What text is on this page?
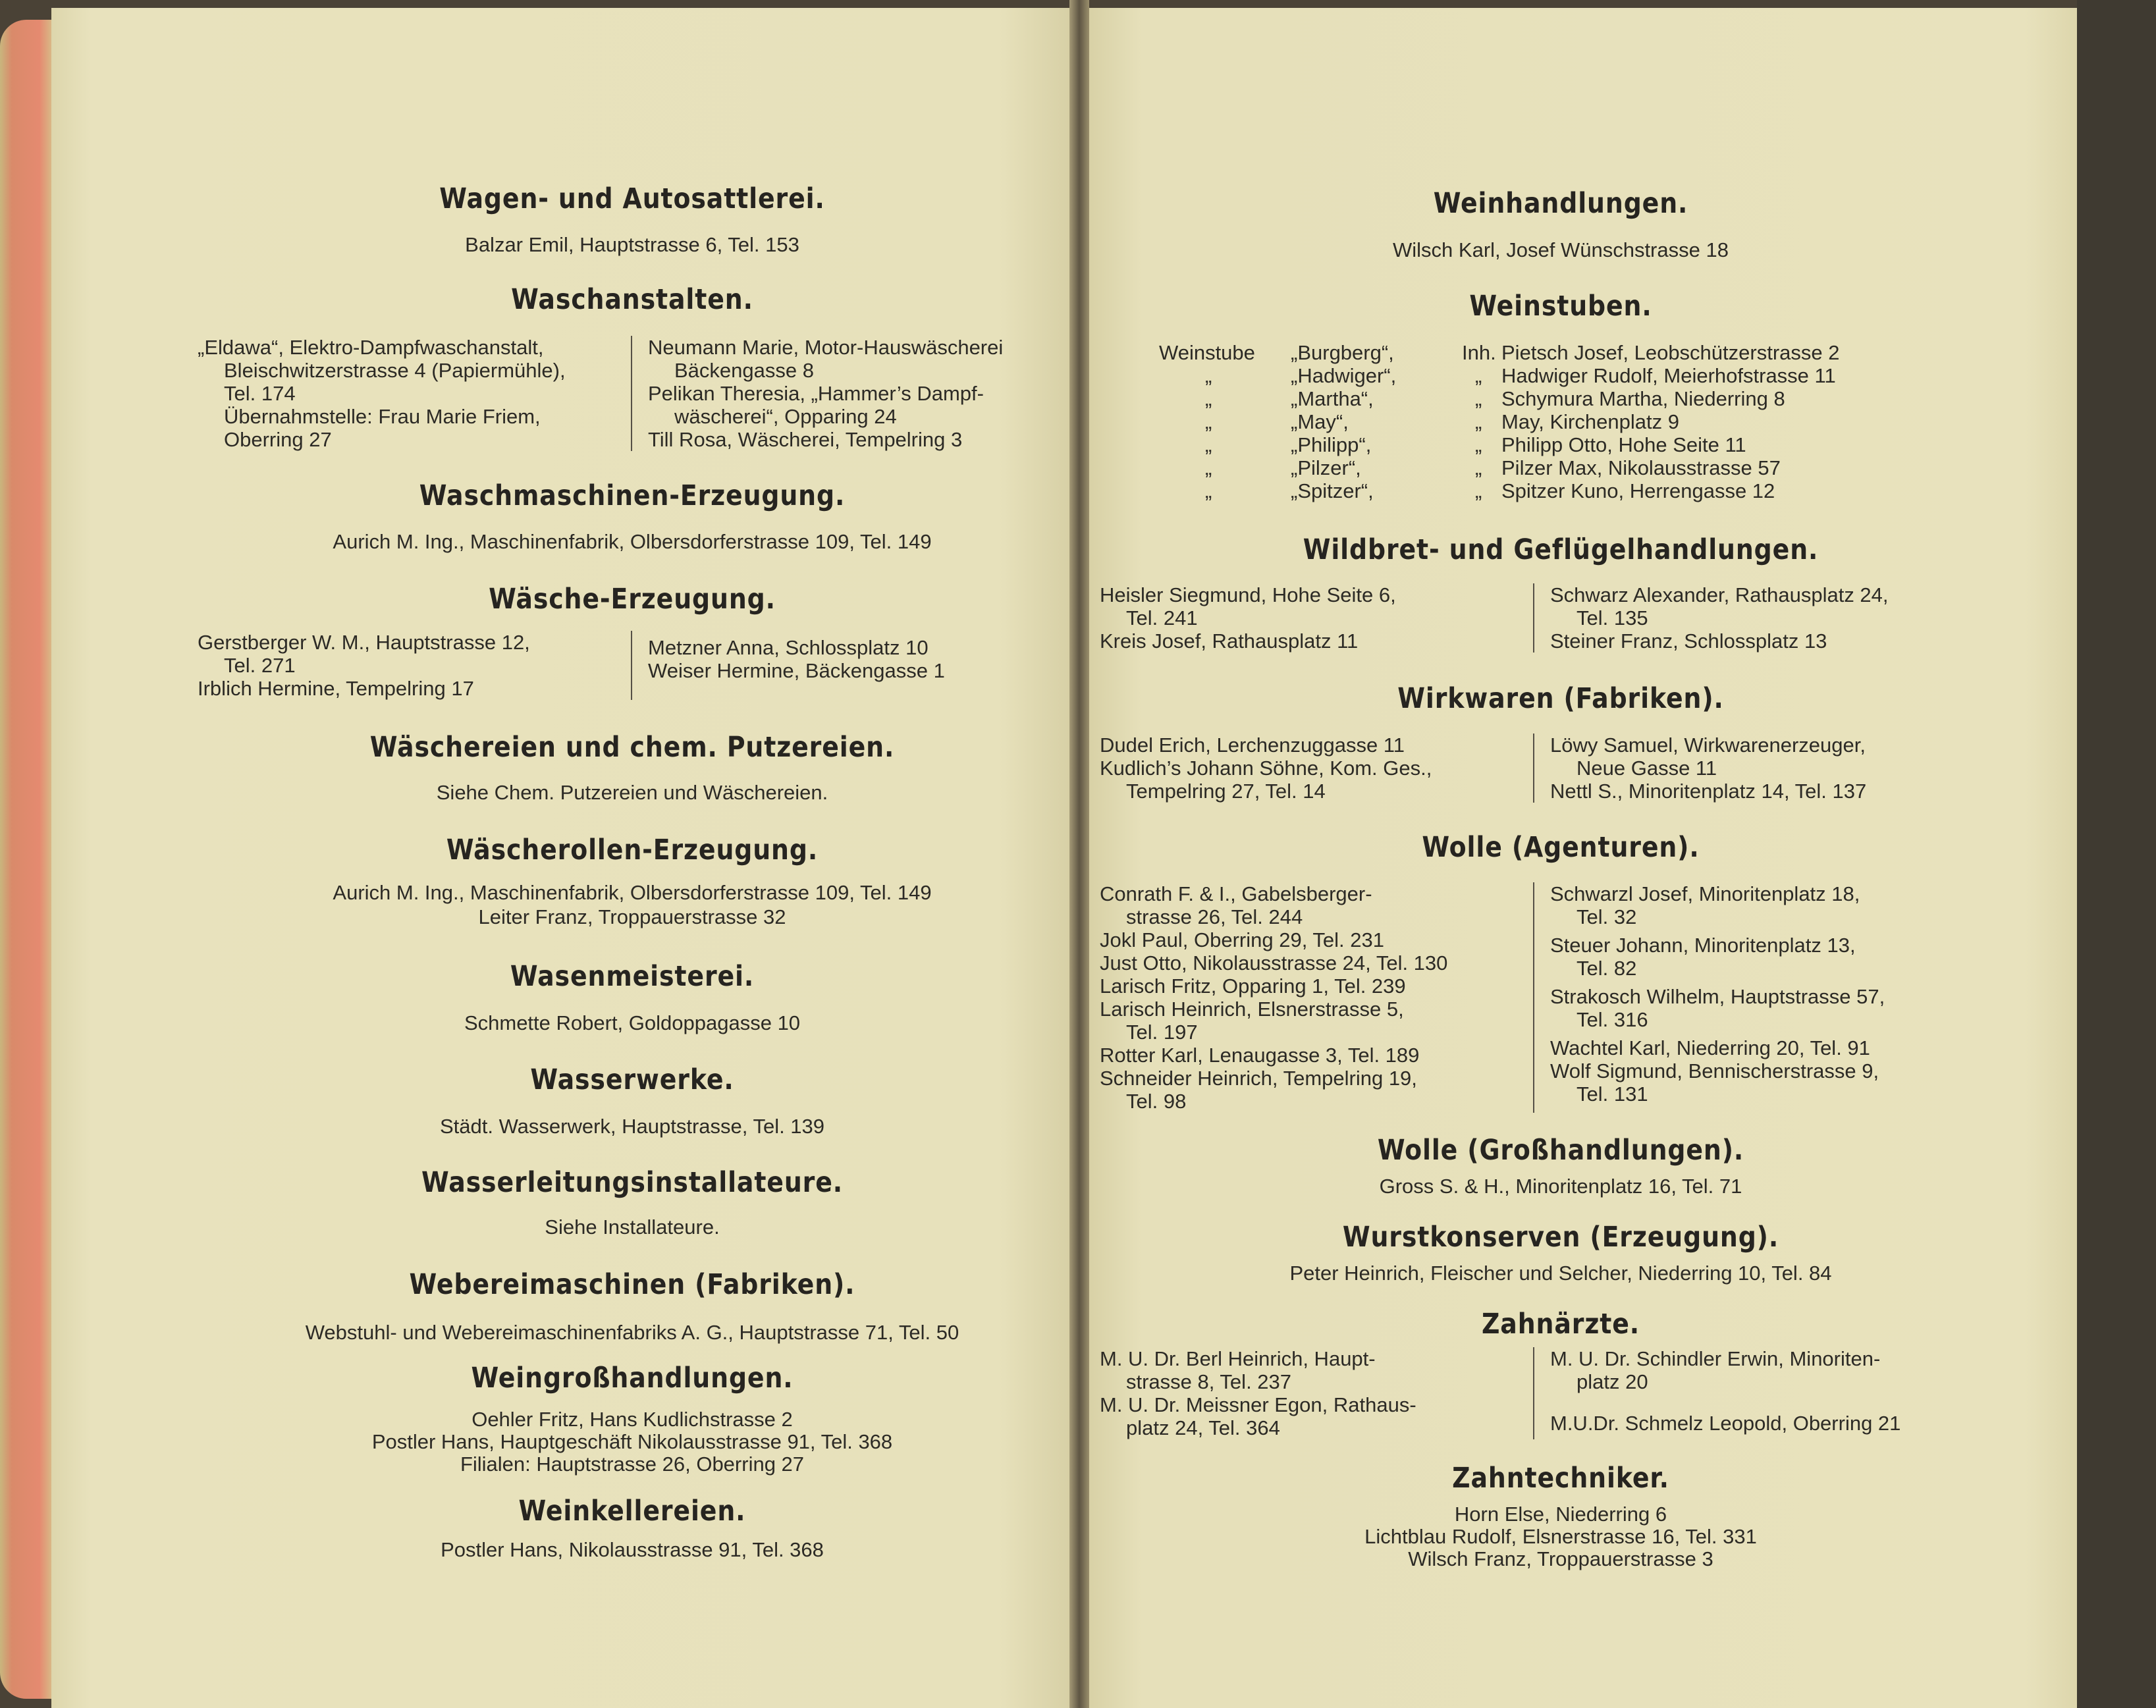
Wagen- und Autosattlerei.
Balzar Emil, Hauptstrasse 6, Tel. 153
Waschanstalten.
„Eldawa“, Elektro-Dampfwaschanstalt,
Bleischwitzerstrasse 4 (Papiermühle),
Tel. 174
Übernahmstelle: Frau Marie Friem,
Oberring 27
Neumann Marie, Motor-Hauswäscherei
Bäckengasse 8
Pelikan Theresia, „Hammer’s Dampf-
wäscherei“, Opparing 24
Till Rosa, Wäscherei, Tempelring 3
Waschmaschinen-Erzeugung.
Aurich M. Ing., Maschinenfabrik, Olbersdorferstrasse 109, Tel. 149
Wäsche-Erzeugung.
Gerstberger W. M., Hauptstrasse 12,
Tel. 271
Irblich Hermine, Tempelring 17
Metzner Anna, Schlossplatz 10
Weiser Hermine, Bäckengasse 1
Wäschereien und chem. Putzereien.
Siehe Chem. Putzereien und Wäschereien.
Wäscherollen-Erzeugung.
Aurich M. Ing., Maschinenfabrik, Olbersdorferstrasse 109, Tel. 149
Leiter Franz, Troppauerstrasse 32
Wasenmeisterei.
Schmette Robert, Goldoppagasse 10
Wasserwerke.
Städt. Wasserwerk, Hauptstrasse, Tel. 139
Wasserleitungsinstallateure.
Siehe Installateure.
Webereimaschinen (Fabriken).
Webstuhl- und Webereimaschinenfabriks A. G., Hauptstrasse 71, Tel. 50
Weingroßhandlungen.
Oehler Fritz, Hans Kudlichstrasse 2
Postler Hans, Hauptgeschäft Nikolausstrasse 91, Tel. 368
Filialen: Hauptstrasse 26, Oberring 27
Weinkellereien.
Postler Hans, Nikolausstrasse 91, Tel. 368
Weinhandlungen.
Wilsch Karl, Josef Wünschstrasse 18
Weinstuben.
Weinstube	„Burgberg“,	Inh. Pietsch Josef, Leobschützerstrasse 2
„	„Hadwiger“,	„ Hadwiger Rudolf, Meierhofstrasse 11
„	„Martha“,	„ Schymura Martha, Niederring 8
„	„May“,	„ May, Kirchenplatz 9
„	„Philipp“,	„ Philipp Otto, Hohe Seite 11
„	„Pilzer“,	„ Pilzer Max, Nikolausstrasse 57
„	„Spitzer“,	„ Spitzer Kuno, Herrengasse 12
Wildbret- und Geflügelhandlungen.
Heisler Siegmund, Hohe Seite 6,
Tel. 241
Kreis Josef, Rathausplatz 11
Schwarz Alexander, Rathausplatz 24,
Tel. 135
Steiner Franz, Schlossplatz 13
Wirkwaren (Fabriken).
Dudel Erich, Lerchenzuggasse 11
Kudlich’s Johann Söhne, Kom. Ges.,
Tempelring 27, Tel. 14
Löwy Samuel, Wirkwarenerzeuger,
Neue Gasse 11
Nettl S., Minoritenplatz 14, Tel. 137
Wolle (Agenturen).
Conrath F. & I., Gabelsberger-
strasse 26, Tel. 244
Jokl Paul, Oberring 29, Tel. 231
Just Otto, Nikolausstrasse 24, Tel. 130
Larisch Fritz, Opparing 1, Tel. 239
Larisch Heinrich, Elsnerstrasse 5,
Tel. 197
Rotter Karl, Lenaugasse 3, Tel. 189
Schneider Heinrich, Tempelring 19,
Tel. 98
Schwarzl Josef, Minoritenplatz 18,
Tel. 32
Steuer Johann, Minoritenplatz 13,
Tel. 82
Strakosch Wilhelm, Hauptstrasse 57,
Tel. 316
Wachtel Karl, Niederring 20, Tel. 91
Wolf Sigmund, Bennischerstrasse 9,
Tel. 131
Wolle (Großhandlungen).
Gross S. & H., Minoritenplatz 16, Tel. 71
Wurstkonserven (Erzeugung).
Peter Heinrich, Fleischer und Selcher, Niederring 10, Tel. 84
Zahnärzte.
M. U. Dr. Berl Heinrich, Haupt-
strasse 8, Tel. 237
M. U. Dr. Meissner Egon, Rathaus-
platz 24, Tel. 364
M. U. Dr. Schindler Erwin, Minoriten-
platz 20
M.U.Dr. Schmelz Leopold, Oberring 21
Zahntechniker.
Horn Else, Niederring 6
Lichtblau Rudolf, Elsnerstrasse 16, Tel. 331
Wilsch Franz, Troppauerstrasse 3
